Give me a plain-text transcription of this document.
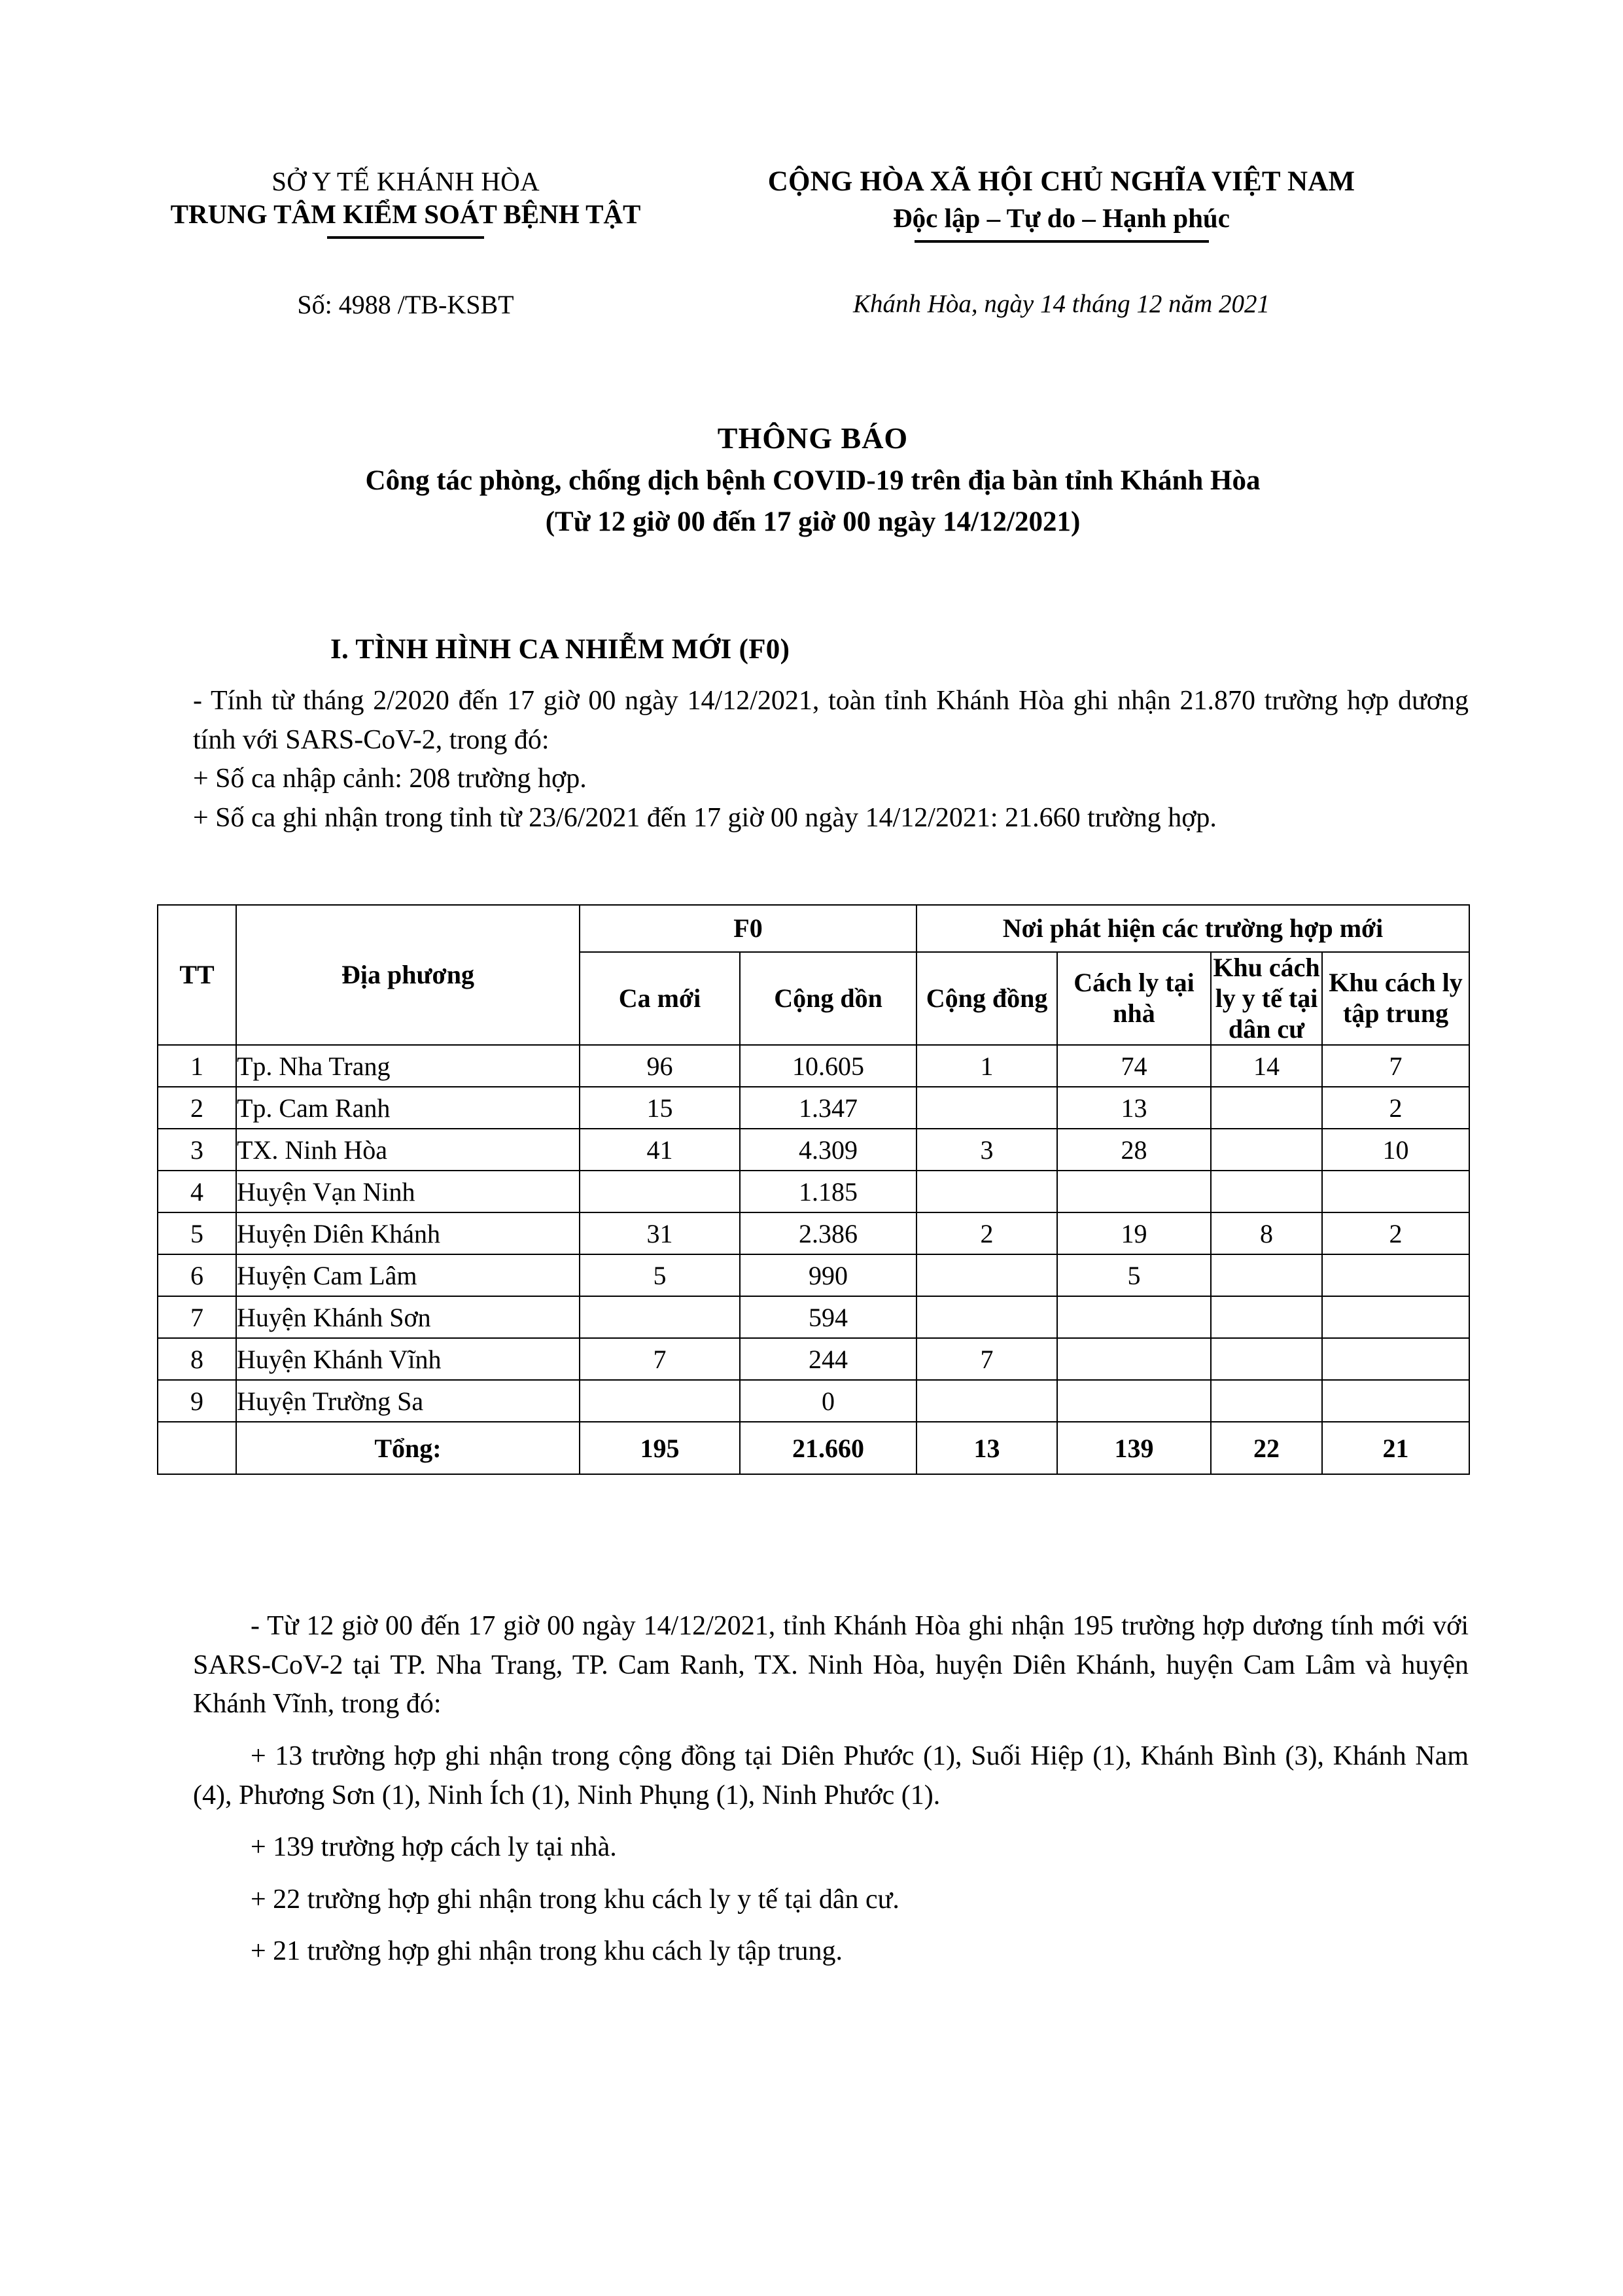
SỞ Y TẾ KHÁNH HÒA
TRUNG TÂM KIỂM SOÁT BỆNH TẬT
CỘNG HÒA XÃ HỘI CHỦ NGHĨA VIỆT NAM
Độc lập – Tự do – Hạnh phúc
Số: 4988 /TB-KSBT	Khánh Hòa, ngày 14 tháng 12 năm 2021
THÔNG BÁO
Công tác phòng, chống dịch bệnh COVID-19 trên địa bàn tỉnh Khánh Hòa
(Từ 12 giờ 00 đến 17 giờ 00 ngày 14/12/2021)
I. TÌNH HÌNH CA NHIỄM MỚI (F0)

- Tính từ tháng 2/2020 đến 17 giờ 00 ngày 14/12/2021, toàn tỉnh Khánh Hòa ghi nhận 21.870 trường hợp dương tính với SARS-CoV-2, trong đó:

+ Số ca nhập cảnh: 208 trường hợp.

+ Số ca ghi nhận trong tỉnh từ 23/6/2021 đến 17 giờ 00 ngày 14/12/2021: 21.660 trường hợp.

TT	Địa phương	F0		Nơi phát hiện các trường hợp mới			
		Ca mới	Cộng dồn	Cộng đồng	Cách ly tại nhà	Khu cách ly y tế tại dân cư	Khu cách ly tập trung
1	Tp. Nha Trang	96	10.605	1	74	14	7
2	Tp. Cam Ranh	15	1.347		13		2
3	TX. Ninh Hòa	41	4.309	3	28		10
4	Huyện Vạn Ninh		1.185				
5	Huyện Diên Khánh	31	2.386	2	19	8	2
6	Huyện Cam Lâm	5	990		5		
7	Huyện Khánh Sơn		594				
8	Huyện Khánh Vĩnh	7	244	7			
9	Huyện Trường Sa		0				
	Tổng:	195	21.660	13	139	22	21

- Từ 12 giờ 00 đến 17 giờ 00 ngày 14/12/2021, tỉnh Khánh Hòa ghi nhận 195 trường hợp dương tính mới với SARS-CoV-2 tại TP. Nha Trang, TP. Cam Ranh, TX. Ninh Hòa, huyện Diên Khánh, huyện Cam Lâm và huyện Khánh Vĩnh, trong đó:

+ 13 trường hợp ghi nhận trong cộng đồng tại Diên Phước (1), Suối Hiệp (1), Khánh Bình (3), Khánh Nam (4), Phương Sơn (1), Ninh Ích (1), Ninh Phụng (1), Ninh Phước (1).

+ 139 trường hợp cách ly tại nhà.

+ 22 trường hợp ghi nhận trong khu cách ly y tế tại dân cư.

+ 21 trường hợp ghi nhận trong khu cách ly tập trung.
